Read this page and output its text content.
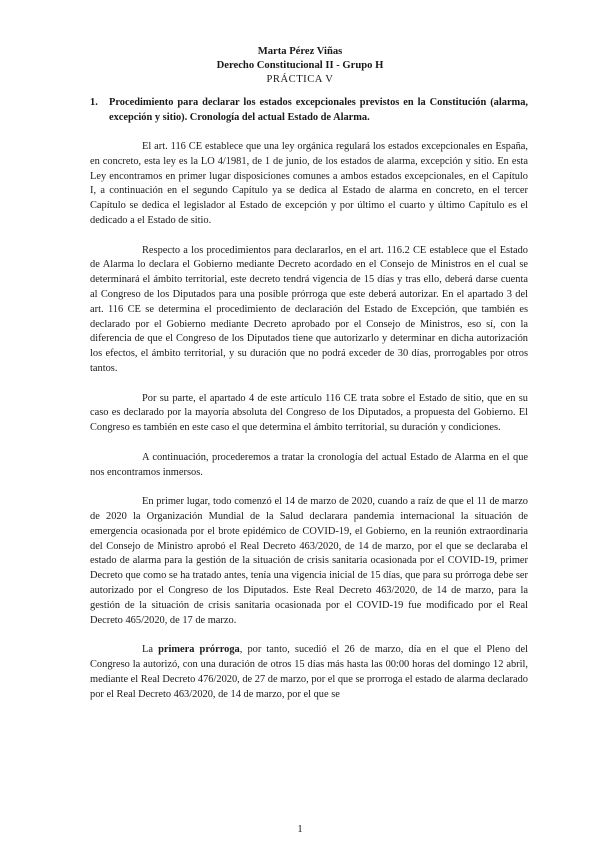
Marta Pérez Viñas
Derecho Constitucional II - Grupo H
PRÁCTICA V
1.	Procedimiento para declarar los estados excepcionales previstos en la Constitución (alarma, excepción y sitio). Cronología del actual Estado de Alarma.

El art. 116 CE establece que una ley orgánica regulará los estados excepcionales en España, en concreto, esta ley es la LO 4/1981, de 1 de junio, de los estados de alarma, excepción y sitio. En esta Ley encontramos en primer lugar disposiciones comunes a ambos estados excepcionales, en el Capítulo I, a continuación en el segundo Capítulo ya se dedica al Estado de alarma en concreto, en el tercer Capítulo se dedica el legislador al Estado de excepción y por último el cuarto y último Capítulo es el dedicado a el Estado de sitio.

Respecto a los procedimientos para declararlos, en el art. 116.2 CE establece que el Estado de Alarma lo declara el Gobierno mediante Decreto acordado en el Consejo de Ministros en el cual se determinará el ámbito territorial, este decreto tendrá vigencia de 15 días y tras ello, deberá darse cuenta al Congreso de los Diputados para una posible prórroga que este deberá autorizar. En el apartado 3 del art. 116 CE se determina el procedimiento de declaración del Estado de Excepción, que también es declarado por el Gobierno mediante Decreto aprobado por el Consejo de Ministros, eso sí, con la diferencia de que el Congreso de los Diputados tiene que autorizarlo y determinar en dicha autorización los efectos, el ámbito territorial, y su duración que no podrá exceder de 30 días, prorrogables por otros tantos.

Por su parte, el apartado 4 de este artículo 116 CE trata sobre el Estado de sitio, que en su caso es declarado por la mayoría absoluta del Congreso de los Diputados, a propuesta del Gobierno. El Congreso es también en este caso el que determina el ámbito territorial, su duración y condiciones.

A continuación, procederemos a tratar la cronología del actual Estado de Alarma en el que nos encontramos inmersos.

En primer lugar, todo comenzó el 14 de marzo de 2020, cuando a raíz de que el 11 de marzo de 2020 la Organización Mundial de la Salud declarara pandemia internacional la situación de emergencia ocasionada por el brote epidémico de COVID-19, el Gobierno, en la reunión extraordinaria del Consejo de Ministro aprobó el Real Decreto 463/2020, de 14 de marzo, por el que se declaraba el estado de alarma para la gestión de la situación de crisis sanitaria ocasionada por el COVID-19, primer Decreto que como se ha tratado antes, tenía una vigencia inicial de 15 días, que para su prórroga debe ser autorizado por el Congreso de los Diputados. Este Real Decreto 463/2020, de 14 de marzo, para la gestión de la situación de crisis sanitaria ocasionada por el COVID-19 fue modificado por el Real Decreto 465/2020, de 17 de marzo.

La primera prórroga, por tanto, sucedió el 26 de marzo, día en el que el Pleno del Congreso la autorizó, con una duración de otros 15 días más hasta las 00:00 horas del domingo 12 abril, mediante el Real Decreto 476/2020, de 27 de marzo, por el que se prorroga el estado de alarma declarado por el Real Decreto 463/2020, de 14 de marzo, por el que se

1
